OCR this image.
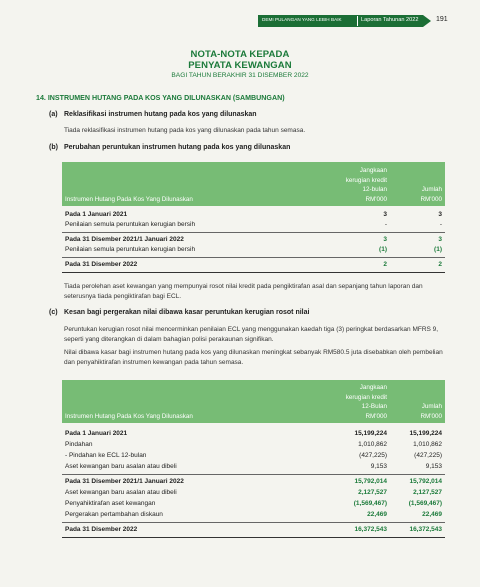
DEMI PULANGAN YANG LEBIH BAIK	Laporan Tahunan 2022	191
NOTA-NOTA KEPADA
PENYATA KEWANGAN
BAGI TAHUN BERAKHIR 31 DISEMBER 2022
14. INSTRUMEN HUTANG PADA KOS YANG DILUNASKAN (SAMBUNGAN)
(a) Reklasifikasi instrumen hutang pada kos yang dilunaskan
Tiada reklasifikasi instrumen hutang pada kos yang dilunaskan pada tahun semasa.
(b) Perubahan peruntukan instrumen hutang pada kos yang dilunaskan
Instrumen Hutang Pada Kos Yang Dilunaskan
Jangkaan
kerugian kredit
12-bulan
RM'000
Jumlah
RM'000
Pada 1 Januari 2021	3	3
Penilaian semula peruntukan kerugian bersih	-	-
Pada 31 Disember 2021/1 Januari 2022	3	3
Penilaian semula peruntukan kerugian bersih	(1)	(1)
Pada 31 Disember 2022	2	2
Tiada perolehan aset kewangan yang mempunyai rosot nilai kredit pada pengiktirafan asal dan sepanjang tahun laporan dan seterusnya tiada pengiktirafan bagi ECL.
(c) Kesan bagi pergerakan nilai dibawa kasar peruntukan kerugian rosot nilai
Peruntukan kerugian rosot nilai mencerminkan penilaian ECL yang menggunakan kaedah tiga (3) peringkat berdasarkan MFRS 9, seperti yang diterangkan di dalam bahagian polisi perakaunan signifikan.
Nilai dibawa kasar bagi instrumen hutang pada kos yang dilunaskan meningkat sebanyak RM580.5 juta disebabkan oleh pembelian dan penyahiktirafan instrumen kewangan pada tahun semasa.
Instrumen Hutang Pada Kos Yang Dilunaskan
Jangkaan
kerugian kredit
12-Bulan
RM'000
Jumlah
RM'000
Pada 1 Januari 2021	15,199,224	15,199,224
Pindahan	1,010,862	1,010,862
- Pindahan ke ECL 12-bulan	(427,225)	(427,225)
Aset kewangan baru asalan atau dibeli	9,153	9,153
Pada 31 Disember 2021/1 Januari 2022	15,792,014	15,792,014
Aset kewangan baru asalan atau dibeli	2,127,527	2,127,527
Penyahiktirafan aset kewangan	(1,569,467)	(1,569,467)
Pergerakan pertambahan diskaun	22,469	22,469
Pada 31 Disember 2022	16,372,543	16,372,543
